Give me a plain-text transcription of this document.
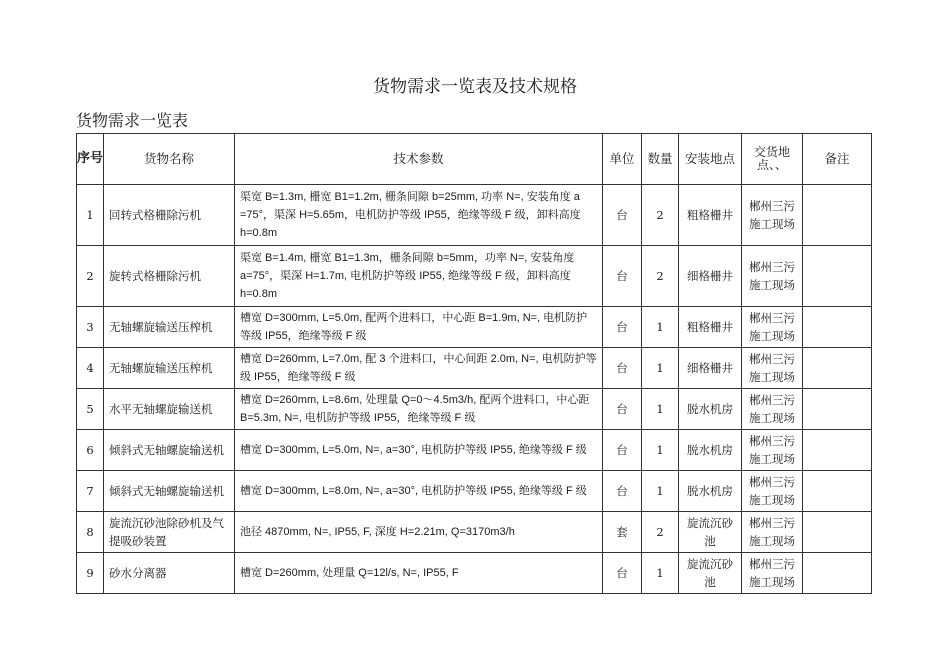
货物需求一览表及技术规格
货物需求一览表
序号	货物名称	技术参数	单位	数量	安装地点	交货地点、、	备注
1	回转式格栅除污机	渠宽 B=1.3m, 栅宽 B1=1.2m, 栅条间隙 b=25mm, 功率 N=, 安装角度 a =75°，渠深 H=5.65m，电机防护等级 IP55，绝缘等级 F 级，卸料高度 h=0.8m	台	2	粗格栅井	郴州三污施工现场	
2	旋转式格栅除污机	渠宽 B=1.4m, 栅宽 B1=1.3m，栅条间隙 b=5mm，功率 N=, 安装角度 a=75°，渠深 H=1.7m, 电机防护等级 IP55, 绝缘等级 F 级，卸料高度 h=0.8m	台	2	细格栅井	郴州三污施工现场	
3	无轴螺旋输送压榨机	槽宽 D=300mm, L=5.0m, 配两个进料口，中心距 B=1.9m, N=, 电机防护等级 IP55，绝缘等级 F 级	台	1	粗格栅井	郴州三污施工现场	
4	无轴螺旋输送压榨机	槽宽 D=260mm, L=7.0m, 配 3 个进料口，中心间距 2.0m, N=, 电机防护等级 IP55，绝缘等级 F 级	台	1	细格栅井	郴州三污施工现场	
5	水平无轴螺旋输送机	槽宽 D=260mm, L=8.6m, 处理量 Q=0～4.5m3/h, 配两个进料口，中心距 B=5.3m, N=, 电机防护等级 IP55，绝缘等级 F 级	台	1	脱水机房	郴州三污施工现场	
6	倾斜式无轴螺旋输送机	槽宽 D=300mm, L=5.0m, N=, a=30°, 电机防护等级 IP55, 绝缘等级 F 级	台	1	脱水机房	郴州三污施工现场	
7	倾斜式无轴螺旋输送机	槽宽 D=300mm, L=8.0m, N=, a=30°, 电机防护等级 IP55, 绝缘等级 F 级	台	1	脱水机房	郴州三污施工现场	
8	旋流沉砂池除砂机及气提吸砂装置	池径 4870mm, N=, IP55, F, 深度 H=2.21m, Q=3170m3/h	套	2	旋流沉砂池	郴州三污施工现场	
9	砂水分离器	槽宽 D=260mm, 处理量 Q=12l/s, N=, IP55, F	台	1	旋流沉砂池	郴州三污施工现场	
